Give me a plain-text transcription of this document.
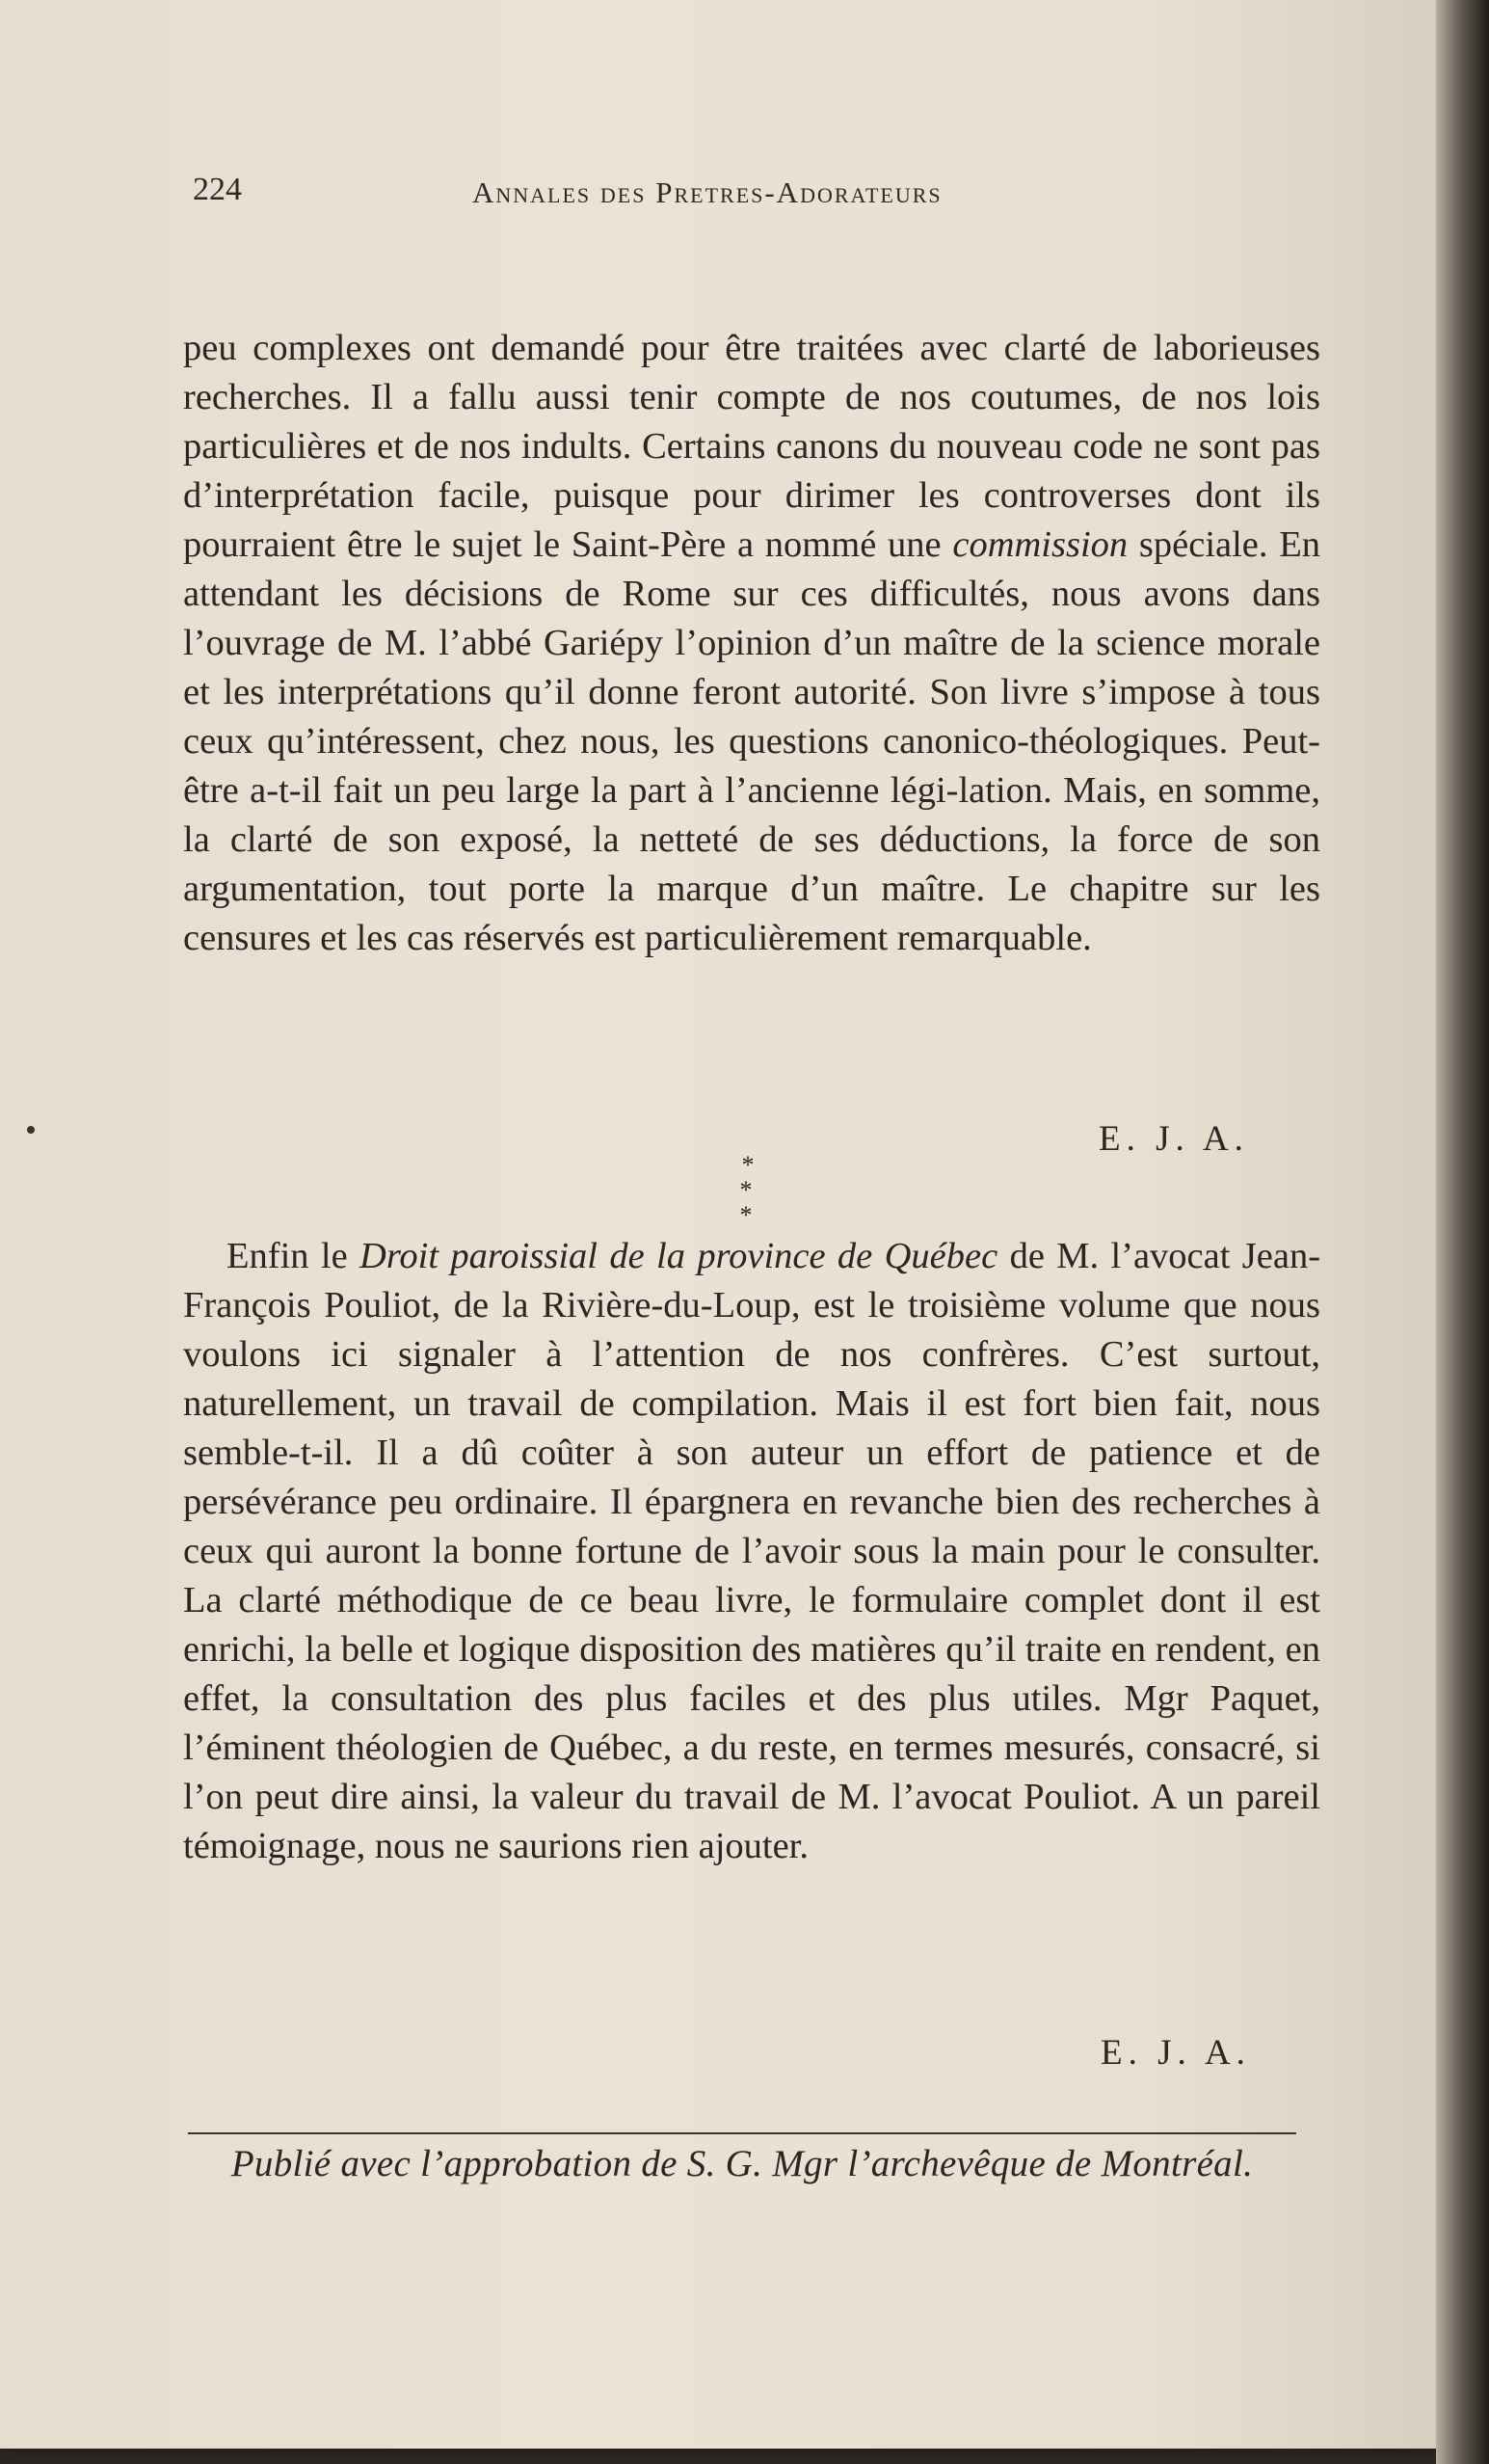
224	Annales des Pretres-Adorateurs

peu complexes ont demandé pour être traitées avec clarté de laborieuses recherches. Il a fallu aussi tenir compte de nos coutumes, de nos lois particulières et de nos indults. Certains canons du nouveau code ne sont pas d’interprétation facile, puisque pour dirimer les controverses dont ils pourraient être le sujet le Saint-Père a nommé une commission spéciale. En attendant les décisions de Rome sur ces difficultés, nous avons dans l’ouvrage de M. l’abbé Gariépy l’opinion d’un maître de la science morale et les interprétations qu’il donne feront autorité. Son livre s’impose à tous ceux qu’intéressent, chez nous, les questions canonico-théologiques. Peut-être a-t-il fait un peu large la part à l’ancienne légi-lation. Mais, en somme, la clarté de son exposé, la netteté de ses déductions, la force de son argumentation, tout porte la marque d’un maître. Le chapitre sur les censures et les cas réservés est particulièrement remarquable.

E. J. A.
*
* *

Enfin le Droit paroissial de la province de Québec de M. l’avocat Jean-François Pouliot, de la Rivière-du-Loup, est le troisième volume que nous voulons ici signaler à l’attention de nos confrères. C’est surtout, naturellement, un travail de compilation. Mais il est fort bien fait, nous semble-t-il. Il a dû coûter à son auteur un effort de patience et de persévérance peu ordinaire. Il épargnera en revanche bien des recherches à ceux qui auront la bonne fortune de l’avoir sous la main pour le consulter. La clarté méthodique de ce beau livre, le formulaire complet dont il est enrichi, la belle et logique disposition des matières qu’il traite en rendent, en effet, la consultation des plus faciles et des plus utiles. Mgr Paquet, l’éminent théologien de Québec, a du reste, en termes mesurés, consacré, si l’on peut dire ainsi, la valeur du travail de M. l’avocat Pouliot. A un pareil témoignage, nous ne saurions rien ajouter.

E. J. A.
Publié avec l’approbation de S. G. Mgr l’archevêque de Montréal.
